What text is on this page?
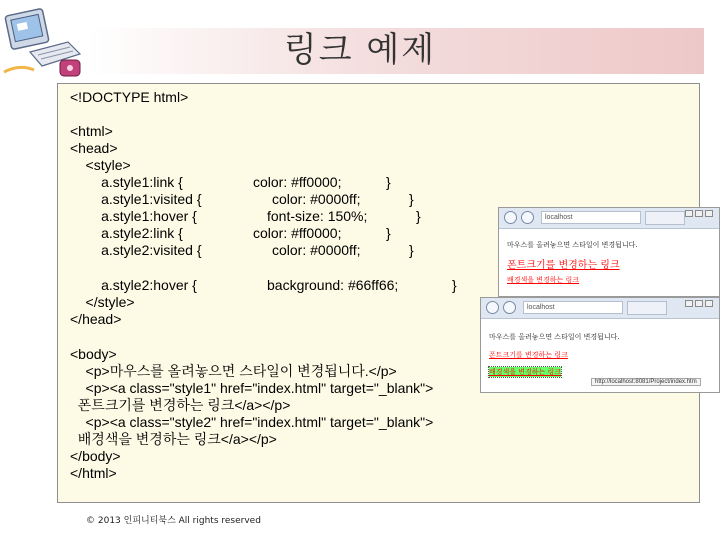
링크 예제
<!DOCTYPE html>
<html>
<head>
<style>
a.style1:link {	color: #ff0000;	}
a.style1:visited {	color: #0000ff;	}
a.style1:hover {	font-size: 150%;	}
a.style2:link {	color: #ff0000;	}
a.style2:visited {	color: #0000ff;	}
a.style2:hover {	background: #66ff66;	}
</style>
</head>
<body>
<p>마우스를 올려놓으면 스타일이 변경됩니다.</p>
<p><a class="style1" href="index.html" target="_blank">
폰트크기를 변경하는 링크</a></p>
<p><a class="style2" href="index.html" target="_blank">
배경색을 변경하는 링크</a></p>
</body>
</html>
localhost
마우스를 올려놓으면 스타일이 변경됩니다.
폰트크기를 변경하는 링크
배경색을 변경하는 링크
localhost
마우스를 올려놓으면 스타일이 변경됩니다.
폰트크기를 변경하는 링크
배경색을 변경하는 링크
http://localhost:8081/Project/index.htm
© 2013 인피니티북스 All rights reserved
